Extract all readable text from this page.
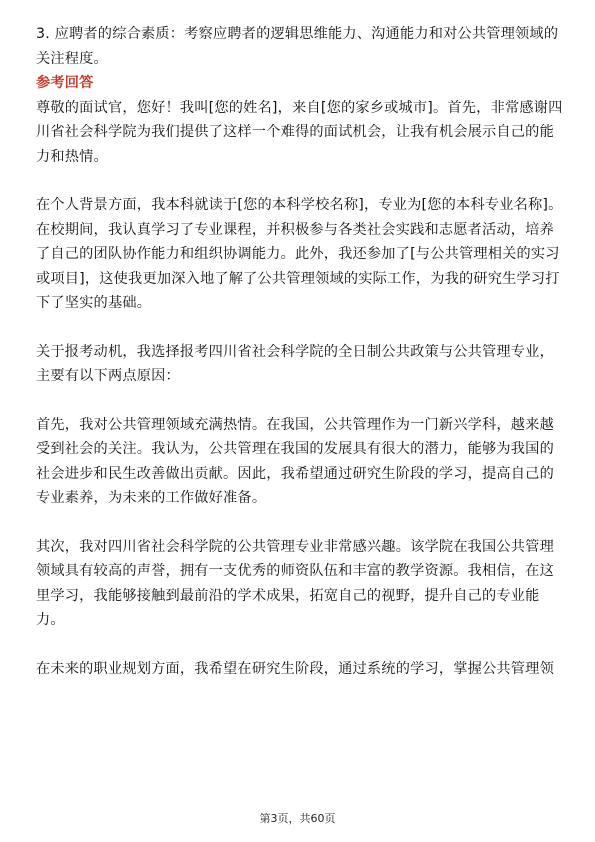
3. 应聘者的综合素质：考察应聘者的逻辑思维能力、沟通能力和对公共管理领域的关注程度。

参考回答

尊敬的面试官，您好！我叫[您的姓名]，来自[您的家乡或城市]。首先，非常感谢四川省社会科学院为我们提供了这样一个难得的面试机会，让我有机会展示自己的能力和热情。

在个人背景方面，我本科就读于[您的本科学校名称]，专业为[您的本科专业名称]。在校期间，我认真学习了专业课程，并积极参与各类社会实践和志愿者活动，培养了自己的团队协作能力和组织协调能力。此外，我还参加了[与公共管理相关的实习或项目]，这使我更加深入地了解了公共管理领域的实际工作，为我的研究生学习打下了坚实的基础。

关于报考动机，我选择报考四川省社会科学院的全日制公共政策与公共管理专业，主要有以下两点原因：

首先，我对公共管理领域充满热情。在我国，公共管理作为一门新兴学科，越来越受到社会的关注。我认为，公共管理在我国的发展具有很大的潜力，能够为我国的社会进步和民生改善做出贡献。因此，我希望通过研究生阶段的学习，提高自己的专业素养，为未来的工作做好准备。

其次，我对四川省社会科学院的公共管理专业非常感兴趣。该学院在我国公共管理领域具有较高的声誉，拥有一支优秀的师资队伍和丰富的教学资源。我相信，在这里学习，我能够接触到最前沿的学术成果，拓宽自己的视野，提升自己的专业能力。

在未来的职业规划方面，我希望在研究生阶段，通过系统的学习，掌握公共管理领

第3页，共60页
